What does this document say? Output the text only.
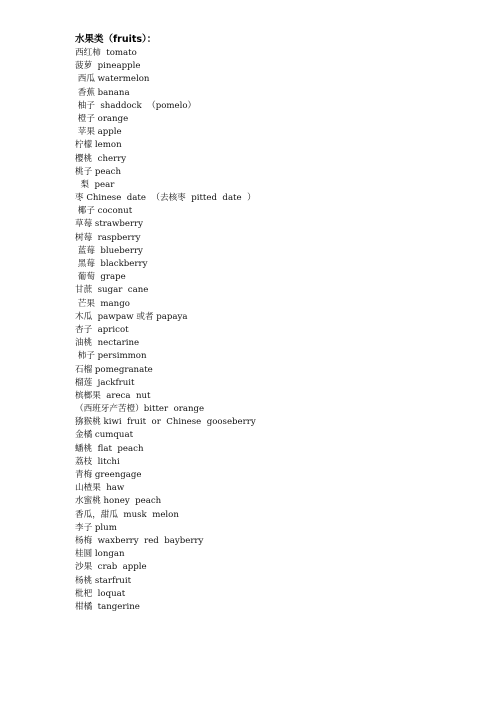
水果类（fruits）：
西红柿  tomato
菠萝  pineapple
西瓜 watermelon
香蕉 banana
柚子  shaddock  （pomelo）
橙子 orange
苹果 apple
柠檬 lemon
樱桃  cherry
桃子 peach
梨  pear
枣 Chinese  date  （去核枣  pitted  date  ）
椰子 coconut
草莓 strawberry
树莓  raspberry
蓝莓  blueberry
黑莓  blackberry
葡萄  grape
甘蔗  sugar  cane
芒果  mango
木瓜  pawpaw 或者 papaya
杏子  apricot
油桃  nectarine
柿子 persimmon
石榴 pomegranate
榴莲  jackfruit
槟榔果  areca  nut
（西班牙产苦橙）bitter  orange
猕猴桃 kiwi  fruit  or  Chinese  gooseberry
金橘 cumquat
蟠桃  flat  peach
荔枝  litchi
青梅 greengage
山楂果  haw
水蜜桃 honey  peach
香瓜，甜瓜  musk  melon
李子 plum
杨梅  waxberry  red  bayberry
桂圆 longan
沙果  crab  apple
杨桃 starfruit
枇杷  loquat
柑橘  tangerine
